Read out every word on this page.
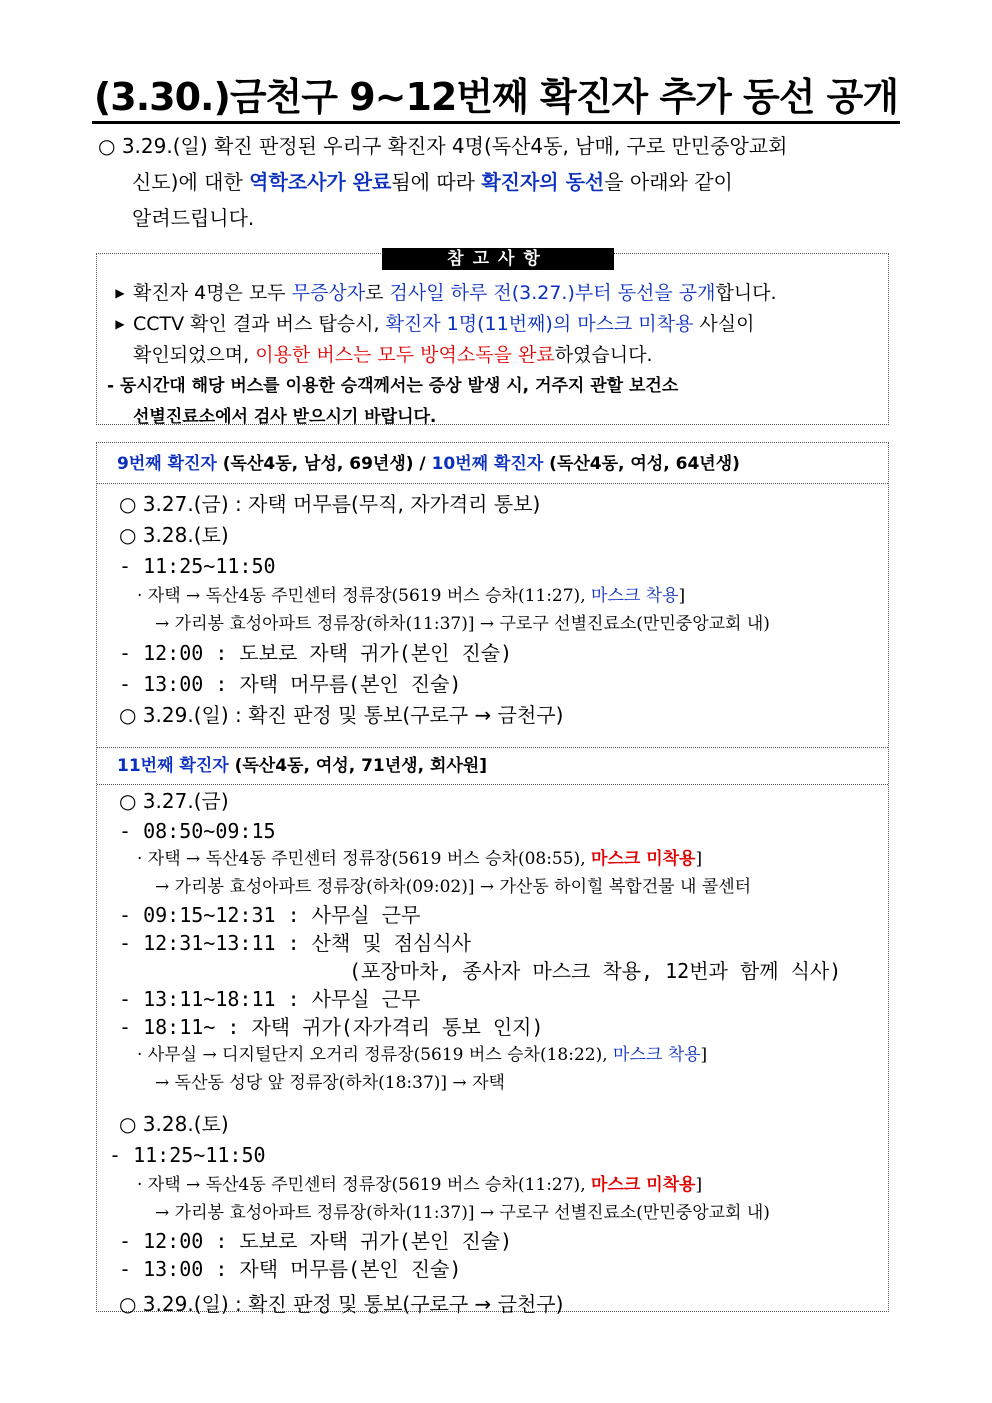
(3.30.)금천구 9~12번째 확진자 추가 동선 공개
○ 3.29.(일) 확진 판정된 우리구 확진자 4명(독산4동, 남매, 구로 만민중앙교회
신도)에 대한 역학조사가 완료됨에 따라 확진자의 동선을 아래와 같이
알려드립니다.
▶ 확진자 4명은 모두 무증상자로 검사일 하루 전(3.27.)부터 동선을 공개합니다.
▶ CCTV 확인 결과 버스 탑승시, 확진자 1명(11번째)의 마스크 미착용 사실이
확인되었으며, 이용한 버스는 모두 방역소독을 완료하였습니다.
- 동시간대 해당 버스를 이용한 승객께서는 증상 발생 시, 거주지 관할 보건소
선별진료소에서 검사 받으시기 바랍니다.
참고사항
9번째 확진자 (독산4동, 남성, 69년생) / 10번째 확진자 (독산4동, 여성, 64년생)
○ 3.27.(금) : 자택 머무름(무직, 자가격리 통보)
○ 3.28.(토)
- 11:25~11:50
· 자택 → 독산4동 주민센터 정류장(5619 버스 승차(11:27), 마스크 착용]
→ 가리봉 효성아파트 정류장(하차(11:37)] → 구로구 선별진료소(만민중앙교회 내)
- 12:00 : 도보로 자택 귀가(본인 진술)
- 13:00 : 자택 머무름(본인 진술)
○ 3.29.(일) : 확진 판정 및 통보(구로구 → 금천구)
11번째 확진자 (독산4동, 여성, 71년생, 회사원]
○ 3.27.(금)
- 08:50~09:15
· 자택 → 독산4동 주민센터 정류장(5619 버스 승차(08:55), 마스크 미착용]
→ 가리봉 효성아파트 정류장(하차(09:02)] → 가산동 하이힐 복합건물 내 콜센터
- 09:15~12:31 : 사무실 근무
- 12:31~13:11 : 산책 및 점심식사
(포장마차, 종사자 마스크 착용, 12번과 함께 식사)
- 13:11~18:11 : 사무실 근무
- 18:11~ : 자택 귀가(자가격리 통보 인지)
· 사무실 → 디지털단지 오거리 정류장(5619 버스 승차(18:22), 마스크 착용]
→ 독산동 성당 앞 정류장(하차(18:37)] → 자택
○ 3.28.(토)
- 11:25~11:50
· 자택 → 독산4동 주민센터 정류장(5619 버스 승차(11:27), 마스크 미착용]
→ 가리봉 효성아파트 정류장(하차(11:37)] → 구로구 선별진료소(만민중앙교회 내)
- 12:00 : 도보로 자택 귀가(본인 진술)
- 13:00 : 자택 머무름(본인 진술)
○ 3.29.(일) : 확진 판정 및 통보(구로구 → 금천구)
